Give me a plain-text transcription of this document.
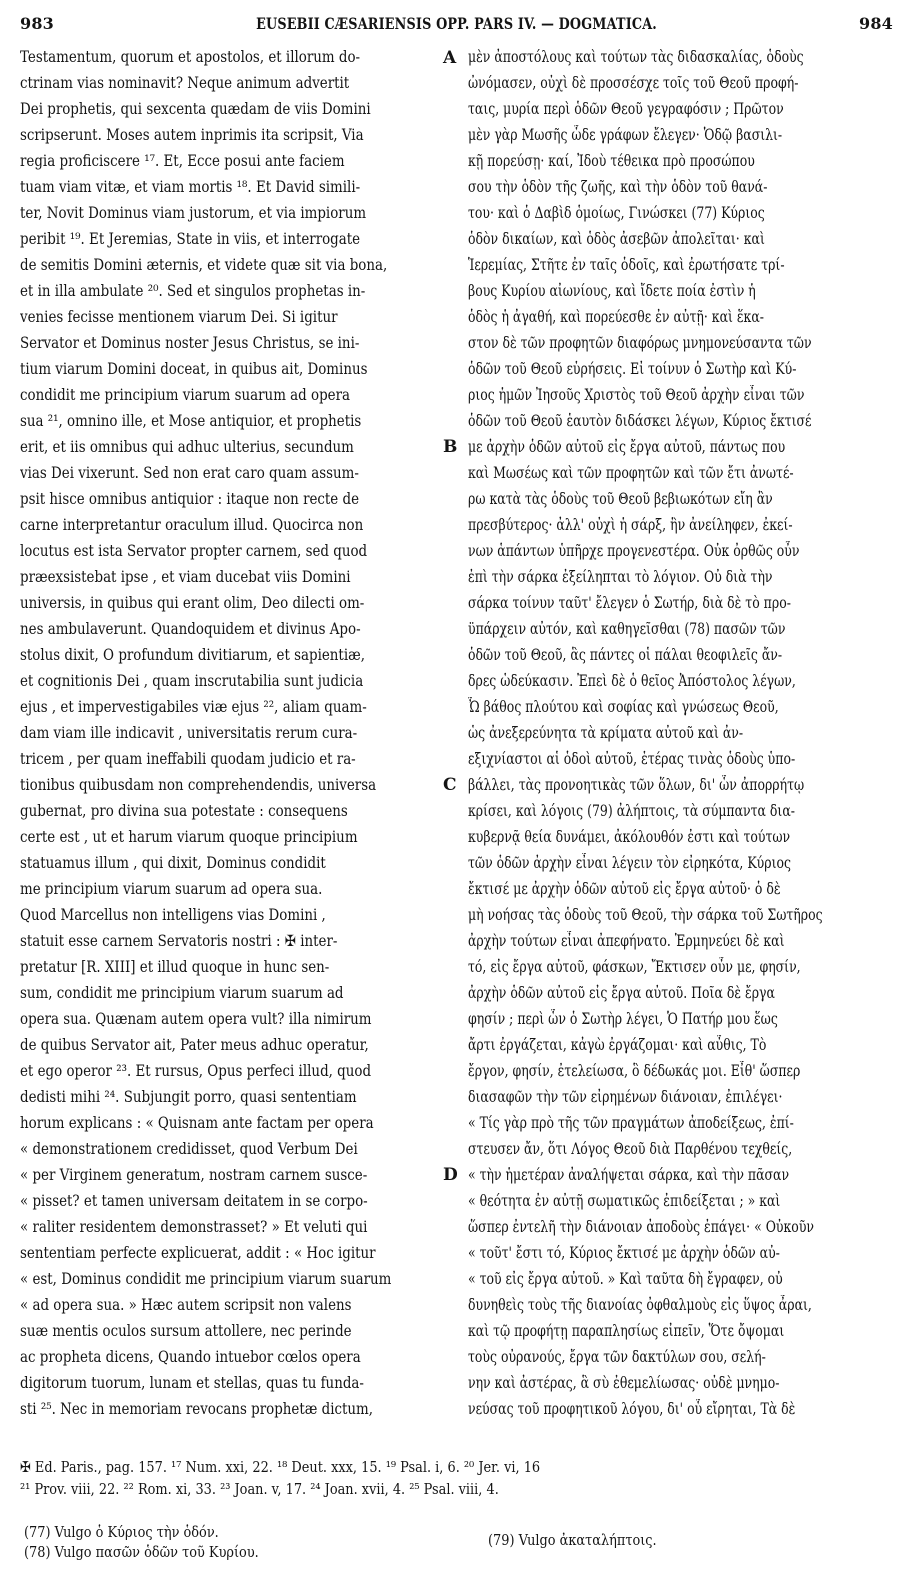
983	EUSEBII CÆSARIENSIS OPP. PARS IV. — DOGMATICA.	984
Testamentum, quorum et apostolos, et illorum do-
ctrinam vias nominavit? Neque animum advertit
Dei prophetis, qui sexcenta quædam de viis Domini
scripserunt. Moses autem inprimis ita scripsit, Via
regia proficiscere ¹⁷. Et, Ecce posui ante faciem
tuam viam vitæ, et viam mortis ¹⁸. Et David simili-
ter, Novit Dominus viam justorum, et via impiorum
peribit ¹⁹. Et Jeremias, State in viis, et interrogate
de semitis Domini æternis, et videte quæ sit via bona,
et in illa ambulate ²⁰. Sed et singulos prophetas in-
venies fecisse mentionem viarum Dei. Si igitur
Servator et Dominus noster Jesus Christus, se ini-
tium viarum Domini doceat, in quibus ait, Dominus
condidit me principium viarum suarum ad opera
sua ²¹, omnino ille, et Mose antiquior, et prophetis
erit, et iis omnibus qui adhuc ulterius, secundum
vias Dei vixerunt. Sed non erat caro quam assum-
psit hisce omnibus antiquior : itaque non recte de
carne interpretantur oraculum illud. Quocirca non
locutus est ista Servator propter carnem, sed quod
præexsistebat ipse , et viam ducebat viis Domini
universis, in quibus qui erant olim, Deo dilecti om-
nes ambulaverunt. Quandoquidem et divinus Apo-
stolus dixit, O profundum divitiarum, et sapientiæ,
et cognitionis Dei , quam inscrutabilia sunt judicia
ejus , et impervestigabiles viæ ejus ²², aliam quam-
dam viam ille indicavit , universitatis rerum cura-
tricem , per quam ineffabili quodam judicio et ra-
tionibus quibusdam non comprehendendis, universa
gubernat, pro divina sua potestate : consequens
certe est , ut et harum viarum quoque principium
statuamus illum , qui dixit, Dominus condidit
me principium viarum suarum ad opera sua.
Quod Marcellus non intelligens vias Domini ,
statuit esse carnem Servatoris nostri : ✠ inter-
pretatur [R. XIII] et illud quoque in hunc sen-
sum, condidit me principium viarum suarum ad
opera sua. Quænam autem opera vult? illa nimirum
de quibus Servator ait, Pater meus adhuc operatur,
et ego operor ²³. Et rursus, Opus perfeci illud, quod
dedisti mihi ²⁴. Subjungit porro, quasi sententiam
horum explicans : « Quisnam ante factam per opera
« demonstrationem credidisset, quod Verbum Dei
« per Virginem generatum, nostram carnem susce-
« pisset? et tamen universam deitatem in se corpo-
« raliter residentem demonstrasset? » Et veluti qui
sententiam perfecte explicuerat, addit : « Hoc igitur
« est, Dominus condidit me principium viarum suarum
« ad opera sua. » Hæc autem scripsit non valens
suæ mentis oculos sursum attollere, nec perinde
ac propheta dicens, Quando intuebor cœlos opera
digitorum tuorum, lunam et stellas, quas tu funda-
sti ²⁵. Nec in memoriam revocans prophetæ dictum,
μὲν ἀποστόλους καὶ τούτων τὰς διδασκαλίας, ὁδοὺς
ὠνόμασεν, οὐχὶ δὲ προσσέσχε τοῖς τοῦ Θεοῦ προφή-
ταις, μυρία περὶ ὁδῶν Θεοῦ γεγραφόσιν ; Πρῶτον
μὲν γὰρ Μωσῆς ὧδε γράφων ἔλεγεν· Ὁδῷ βασιλι-
κῇ πορεύσῃ· καί, Ἰδοὺ τέθεικα πρὸ προσώπου
σου τὴν ὁδὸν τῆς ζωῆς, καὶ τὴν ὁδὸν τοῦ θανά-
του· καὶ ὁ Δαβὶδ ὁμοίως, Γινώσκει (77) Κύριος
ὁδὸν δικαίων, καὶ ὁδὸς ἀσεβῶν ἀπολεῖται· καὶ
Ἱερεμίας, Στῆτε ἐν ταῖς ὁδοῖς, καὶ ἐρωτήσατε τρί-
βους Κυρίου αἰωνίους, καὶ ἴδετε ποία ἐστὶν ἡ
ὁδὸς ἡ ἀγαθή, καὶ πορεύεσθε ἐν αὐτῇ· καὶ ἕκα-
στον δὲ τῶν προφητῶν διαφόρως μνημονεύσαντα τῶν
ὁδῶν τοῦ Θεοῦ εὑρήσεις. Εἰ τοίνυν ὁ Σωτὴρ καὶ Κύ-
ριος ἡμῶν Ἰησοῦς Χριστὸς τοῦ Θεοῦ ἀρχὴν εἶναι τῶν
ὁδῶν τοῦ Θεοῦ ἑαυτὸν διδάσκει λέγων, Κύριος ἔκτισέ
με ἀρχὴν ὁδῶν αὐτοῦ εἰς ἔργα αὐτοῦ, πάντως που
καὶ Μωσέως καὶ τῶν προφητῶν καὶ τῶν ἔτι ἀνωτέ-
ρω κατὰ τὰς ὁδοὺς τοῦ Θεοῦ βεβιωκότων εἴη ἂν
πρεσβύτερος· ἀλλ' οὐχὶ ἡ σάρξ, ἣν ἀνείληφεν, ἐκεί-
νων ἁπάντων ὑπῆρχε προγενεστέρα. Οὐκ ὀρθῶς οὖν
ἐπὶ τὴν σάρκα ἐξείληπται τὸ λόγιον. Οὐ διὰ τὴν
σάρκα τοίνυν ταῦτ' ἔλεγεν ὁ Σωτήρ, διὰ δὲ τὸ προ-
ϋπάρχειν αὐτόν, καὶ καθηγεῖσθαι (78) πασῶν τῶν
ὁδῶν τοῦ Θεοῦ, ἃς πάντες οἱ πάλαι θεοφιλεῖς ἄν-
δρες ὡδεύκασιν. Ἐπεὶ δὲ ὁ θεῖος Ἀπόστολος λέγων,
Ὦ βάθος πλούτου καὶ σοφίας καὶ γνώσεως Θεοῦ,
ὡς ἀνεξερεύνητα τὰ κρίματα αὐτοῦ καὶ ἀν-
εξιχνίαστοι αἱ ὁδοὶ αὐτοῦ, ἑτέρας τινὰς ὁδοὺς ὑπο-
βάλλει, τὰς προνοητικὰς τῶν ὅλων, δι' ὧν ἀπορρήτῳ
κρίσει, καὶ λόγοις (79) ἀλήπτοις, τὰ σύμπαντα δια-
κυβερνᾷ θεία δυνάμει, ἀκόλουθόν ἐστι καὶ τούτων
τῶν ὁδῶν ἀρχὴν εἶναι λέγειν τὸν εἰρηκότα, Κύριος
ἔκτισέ με ἀρχὴν ὁδῶν αὐτοῦ εἰς ἔργα αὐτοῦ· ὁ δὲ
μὴ νοήσας τὰς ὁδοὺς τοῦ Θεοῦ, τὴν σάρκα τοῦ Σωτῆρος
ἀρχὴν τούτων εἶναι ἀπεφήνατο. Ἑρμηνεύει δὲ καὶ
τό, εἰς ἔργα αὐτοῦ, φάσκων, Ἔκτισεν οὖν με, φησίν,
ἀρχὴν ὁδῶν αὐτοῦ εἰς ἔργα αὐτοῦ. Ποῖα δὲ ἔργα
φησίν ; περὶ ὧν ὁ Σωτὴρ λέγει, Ὁ Πατήρ μου ἕως
ἄρτι ἐργάζεται, κἀγὼ ἐργάζομαι· καὶ αὖθις, Τὸ
ἔργον, φησίν, ἐτελείωσα, ὃ δέδωκάς μοι. Εἶθ' ὥσπερ
διασαφῶν τὴν τῶν εἰρημένων διάνοιαν, ἐπιλέγει·
« Τίς γὰρ πρὸ τῆς τῶν πραγμάτων ἀποδείξεως, ἐπί-
στευσεν ἄν, ὅτι Λόγος Θεοῦ διὰ Παρθένου τεχθείς,
« τὴν ἡμετέραν ἀναλήψεται σάρκα, καὶ τὴν πᾶσαν
« θεότητα ἐν αὐτῇ σωματικῶς ἐπιδείξεται ; » καὶ
ὥσπερ ἐντελῆ τὴν διάνοιαν ἀποδοὺς ἐπάγει· « Οὐκοῦν
« τοῦτ' ἔστι τό, Κύριος ἔκτισέ με ἀρχὴν ὁδῶν αὐ-
« τοῦ εἰς ἔργα αὐτοῦ. » Καὶ ταῦτα δὴ ἔγραφεν, οὐ
δυνηθεὶς τοὺς τῆς διανοίας ὀφθαλμοὺς εἰς ὕψος ἆραι,
καὶ τῷ προφήτῃ παραπλησίως εἰπεῖν, Ὅτε ὄψομαι
τοὺς οὐρανούς, ἔργα τῶν δακτύλων σου, σελή-
νην καὶ ἀστέρας, ἃ σὺ ἐθεμελίωσας· οὐδὲ μνημο-
νεύσας τοῦ προφητικοῦ λόγου, δι' οὗ εἴρηται, Τὰ δὲ
A
B
C
D
✠ Ed. Paris., pag. 157. ¹⁷ Num. xxi, 22. ¹⁸ Deut. xxx, 15. ¹⁹ Psal. i, 6. ²⁰ Jer. vi, 16
²¹ Prov. viii, 22. ²² Rom. xi, 33. ²³ Joan. v, 17. ²⁴ Joan. xvii, 4. ²⁵ Psal. viii, 4.
(77) Vulgo ὁ Κύριος τὴν ὁδόν.
(78) Vulgo πασῶν ὁδῶν τοῦ Κυρίου.
(79) Vulgo ἀκαταλήπτοις.
